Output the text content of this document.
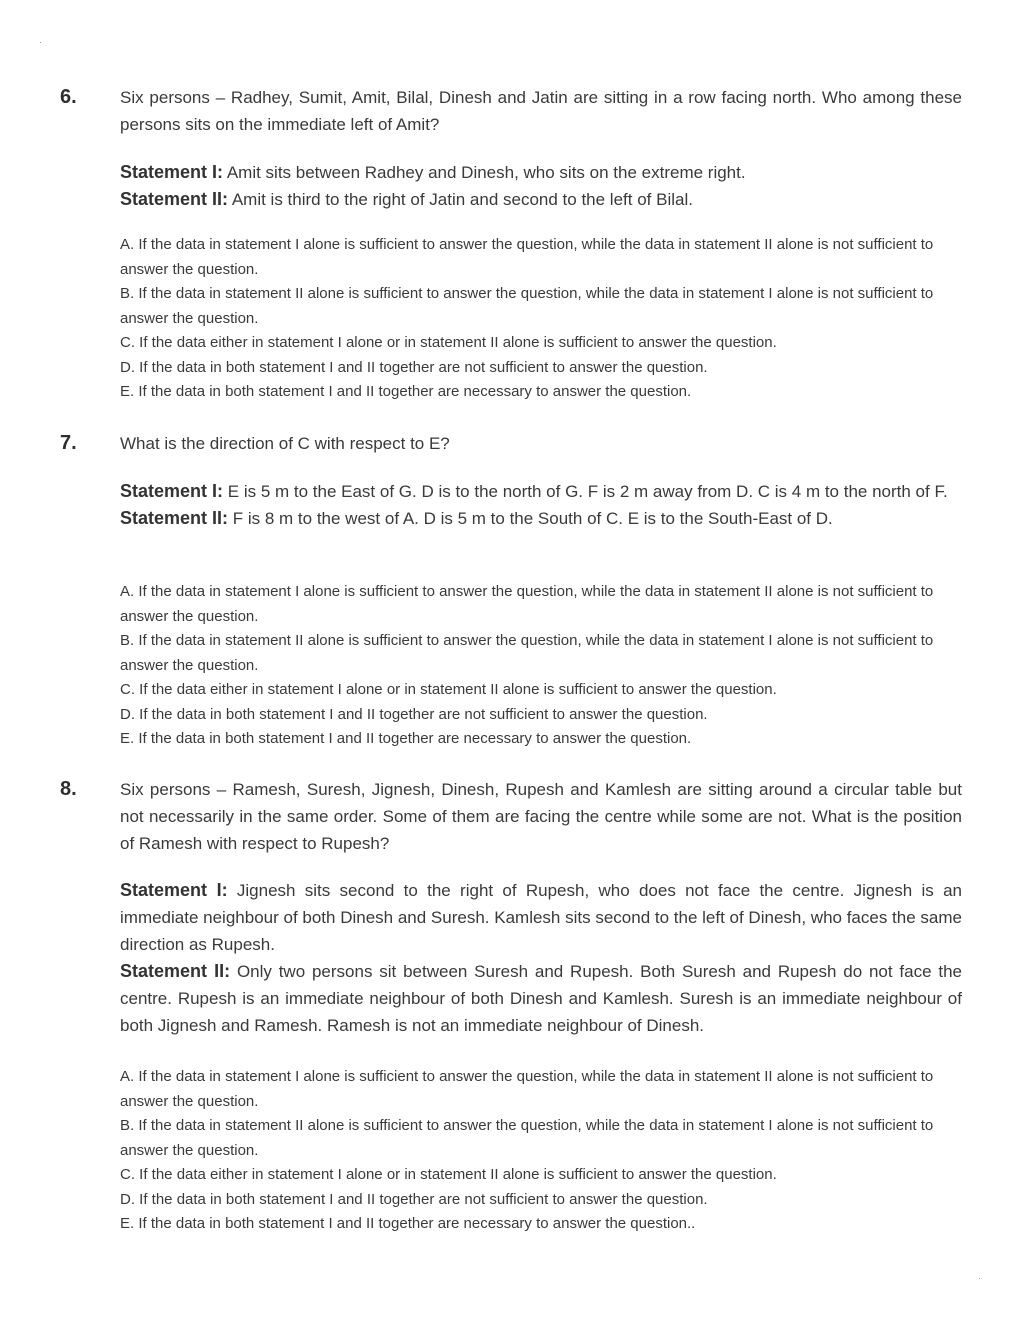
6.	Six persons – Radhey, Sumit, Amit, Bilal, Dinesh and Jatin are sitting in a row facing north. Who among these persons sits on the immediate left of Amit?
Statement I: Amit sits between Radhey and Dinesh, who sits on the extreme right.
Statement II: Amit is third to the right of Jatin and second to the left of Bilal.
A. If the data in statement I alone is sufficient to answer the question, while the data in statement II alone is not sufficient to answer the question.
B. If the data in statement II alone is sufficient to answer the question, while the data in statement I alone is not sufficient to answer the question.
C. If the data either in statement I alone or in statement II alone is sufficient to answer the question.
D. If the data in both statement I and II together are not sufficient to answer the question.
E. If the data in both statement I and II together are necessary to answer the question.
7.	What is the direction of C with respect to E?
Statement I: E is 5 m to the East of G. D is to the north of G. F is 2 m away from D. C is 4 m to the north of F.
Statement II: F is 8 m to the west of A. D is 5 m to the South of C. E is to the South-East of D.
A. If the data in statement I alone is sufficient to answer the question, while the data in statement II alone is not sufficient to answer the question.
B. If the data in statement II alone is sufficient to answer the question, while the data in statement I alone is not sufficient to answer the question.
C. If the data either in statement I alone or in statement II alone is sufficient to answer the question.
D. If the data in both statement I and II together are not sufficient to answer the question.
E. If the data in both statement I and II together are necessary to answer the question.
8.	Six persons – Ramesh, Suresh, Jignesh, Dinesh, Rupesh and Kamlesh are sitting around a circular table but not necessarily in the same order. Some of them are facing the centre while some are not. What is the position of Ramesh with respect to Rupesh?
Statement I: Jignesh sits second to the right of Rupesh, who does not face the centre. Jignesh is an immediate neighbour of both Dinesh and Suresh. Kamlesh sits second to the left of Dinesh, who faces the same direction as Rupesh.
Statement II: Only two persons sit between Suresh and Rupesh. Both Suresh and Rupesh do not face the centre. Rupesh is an immediate neighbour of both Dinesh and Kamlesh. Suresh is an immediate neighbour of both Jignesh and Ramesh. Ramesh is not an immediate neighbour of Dinesh.
A. If the data in statement I alone is sufficient to answer the question, while the data in statement II alone is not sufficient to answer the question.
B. If the data in statement II alone is sufficient to answer the question, while the data in statement I alone is not sufficient to answer the question.
C. If the data either in statement I alone or in statement II alone is sufficient to answer the question.
D. If the data in both statement I and II together are not sufficient to answer the question.
E. If the data in both statement I and II together are necessary to answer the question..
